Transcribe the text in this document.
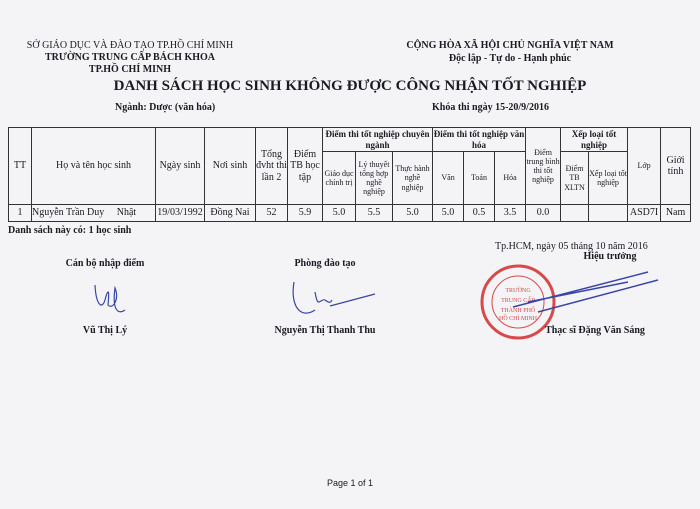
SỞ GIÁO DỤC VÀ ĐÀO TẠO TP.HỒ CHÍ MINH
TRƯỜNG TRUNG CẤP BÁCH KHOA
TP.HỒ CHÍ MINH
CỘNG HÒA XÃ HỘI CHỦ NGHĨA VIỆT NAM
Độc lập - Tự do - Hạnh phúc
DANH SÁCH HỌC SINH KHÔNG ĐƯỢC CÔNG NHẬN TỐT NGHIỆP
Ngành: Dược (văn hóa)	Khóa thi ngày 15-20/9/2016
TT	Họ và tên học sinh	Ngày sinh	Nơi sinh	Tổng đvht thi lần 2	Điểm TB học tập	Điểm thi tốt nghiệp chuyên ngành			Điểm thi tốt nghiệp văn hóa			Điểm trung bình thi tốt nghiệp	Xếp loại tốt nghiệp		Lớp	Giới tính
						Giáo dục chính trị	Lý thuyết tổng hợp nghề nghiệp	Thực hành nghề nghiệp	Văn	Toán	Hóa		Điểm TB XLTN	Xếp loại tốt nghiệp		
1	Nguyễn Trần Duy     Nhật	19/03/1992	Đồng Nai	52	5.9	5.0	5.5	5.0	5.0	0.5	3.5	0.0			ASD7I	Nam
Danh sách này có: 1 học sinh
Tp.HCM, ngày 05 tháng 10 năm 2016
Cán bộ nhập điểm	Phòng đào tạo
Hiệu trưởng
TRƯỜNG
TRUNG CẤP
THÀNH PHỐ
HỒ CHÍ MINH
Vũ Thị Lý	Nguyễn Thị Thanh Thu	Thạc sĩ Đặng Văn Sáng
Page 1 of 1
